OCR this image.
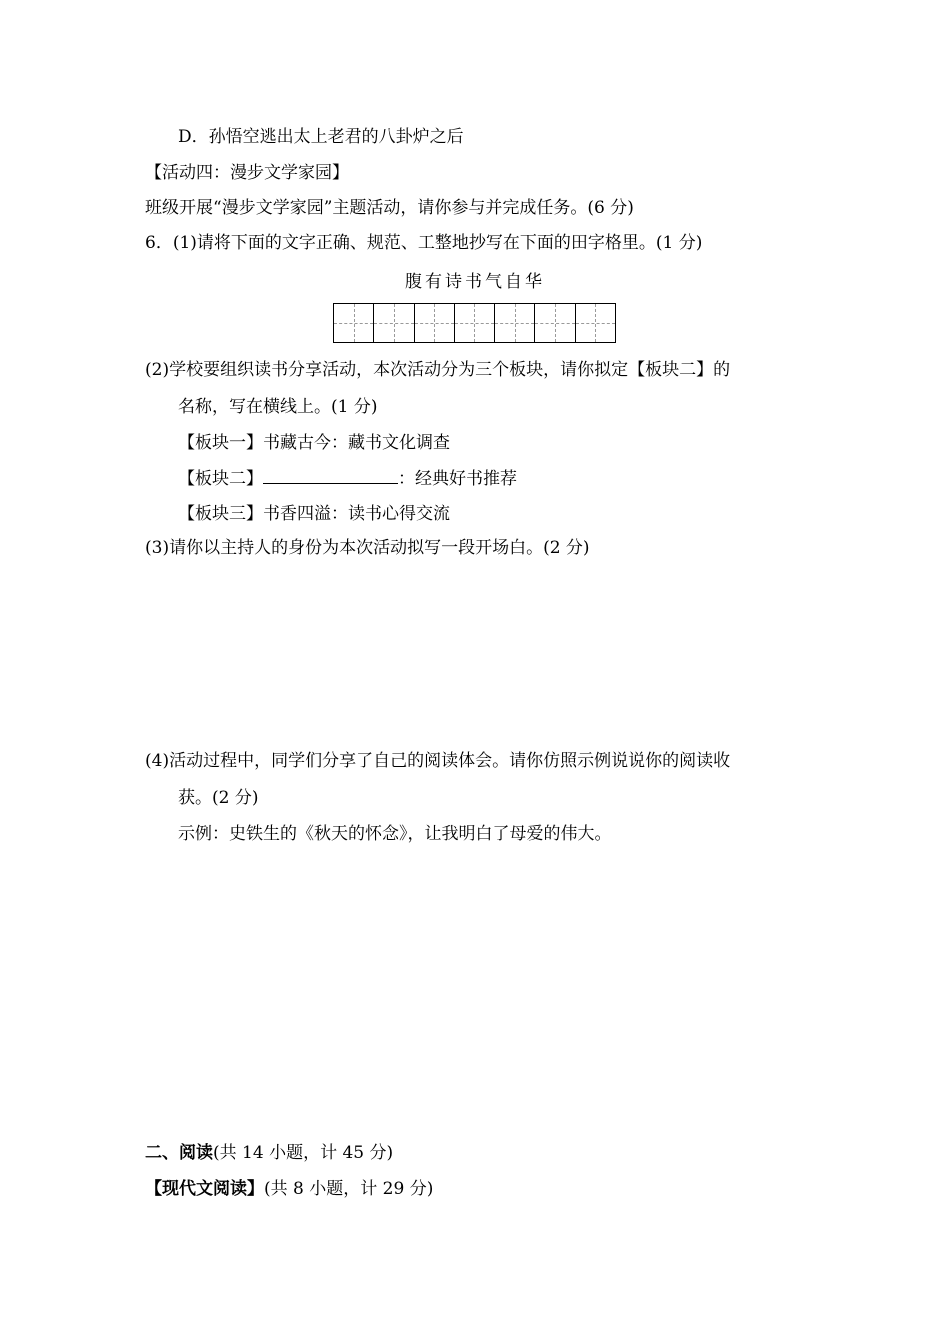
D．孙悟空逃出太上老君的八卦炉之后
【活动四：漫步文学家园】
班级开展“漫步文学家园”主题活动，请你参与并完成任务。(6 分)
6．(1)请将下面的文字正确、规范、工整地抄写在下面的田字格里。(1 分)
腹有诗书气自华
(2)学校要组织读书分享活动，本次活动分为三个板块，请你拟定【板块二】的
名称，写在横线上。(1 分)
【板块一】书藏古今：藏书文化调查
【板块二】	：经典好书推荐
【板块三】书香四溢：读书心得交流
(3)请你以主持人的身份为本次活动拟写一段开场白。(2 分)
(4)活动过程中，同学们分享了自己的阅读体会。请你仿照示例说说你的阅读收
获。(2 分)
示例：史铁生的《秋天的怀念》，让我明白了母爱的伟大。
二、阅读(共 14 小题，计 45 分)
【现代文阅读】(共 8 小题，计 29 分)
